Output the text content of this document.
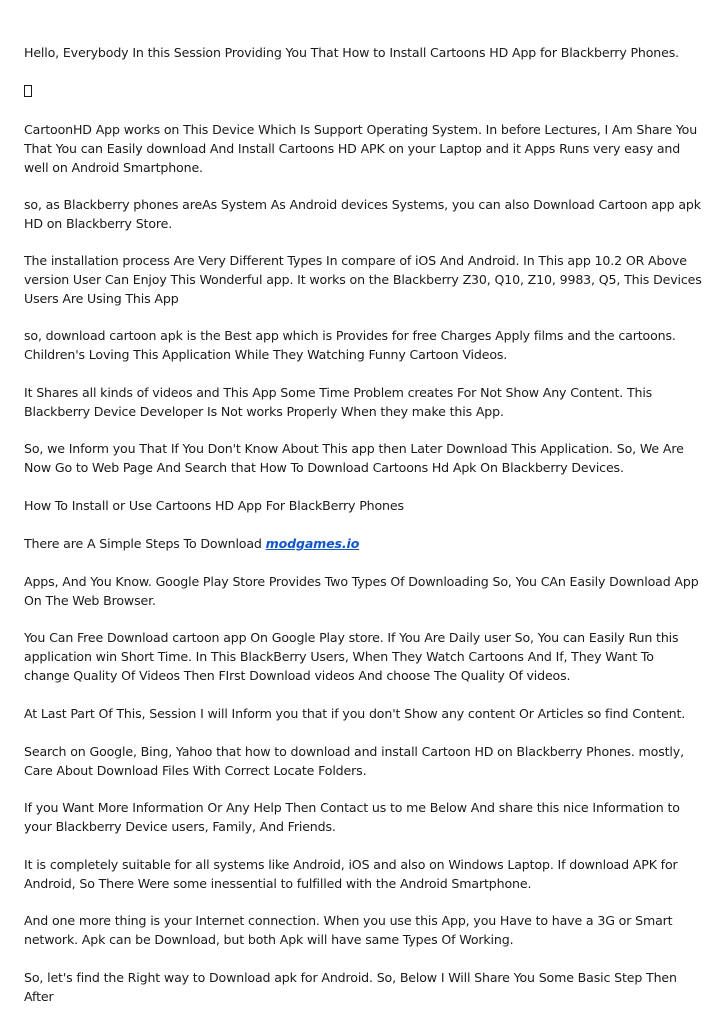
Hello, Everybody In this Session Providing You That How to Install Cartoons HD App for Blackberry Phones.

CartoonHD App works on This Device Which Is Support Operating System. In before Lectures, I Am Share You That You can Easily download And Install Cartoons HD APK on your Laptop and it Apps Runs very easy and well on Android Smartphone.

so, as Blackberry phones areAs System As Android devices Systems, you can also Download Cartoon app apk HD on Blackberry Store.

The installation process Are Very Different Types In compare of iOS And Android. In This app 10.2 OR Above version User Can Enjoy This Wonderful app. It works on the Blackberry Z30, Q10, Z10, 9983, Q5, This Devices Users Are Using This App

so, download cartoon apk is the Best app which is Provides for free Charges Apply films and the cartoons. Children's Loving This Application While They Watching Funny Cartoon Videos.

It Shares all kinds of videos and This App Some Time Problem creates For Not Show Any Content. This Blackberry Device Developer Is Not works Properly When they make this App.

So, we Inform you That If You Don't Know About This app then Later Download This Application. So, We Are Now Go to Web Page And Search that How To Download Cartoons Hd Apk On Blackberry Devices.

How To Install or Use Cartoons HD App For BlackBerry Phones

There are A Simple Steps To Download modgames.io

Apps, And You Know. Google Play Store Provides Two Types Of Downloading So, You CAn Easily Download App On The Web Browser.

You Can Free Download cartoon app On Google Play store. If You Are Daily user So, You can Easily Run this application win Short Time. In This BlackBerry Users, When They Watch Cartoons And If, They Want To change Quality Of Videos Then FIrst Download videos And choose The Quality Of videos.

At Last Part Of This, Session I will Inform you that if you don't Show any content Or Articles so find Content.

Search on Google, Bing, Yahoo that how to download and install Cartoon HD on Blackberry Phones. mostly, Care About Download Files With Correct Locate Folders.

If you Want More Information Or Any Help Then Contact us to me Below And share this nice Information to your Blackberry Device users, Family, And Friends.

It is completely suitable for all systems like Android, iOS and also on Windows Laptop. If download APK for Android, So There Were some inessential to fulfilled with the Android Smartphone.

And one more thing is your Internet connection. When you use this App, you Have to have a 3G or Smart network. Apk can be Download, but both Apk will have same Types Of Working.

So, let's find the Right way to Download apk for Android. So, Below I Will Share You Some Basic Step Then After
